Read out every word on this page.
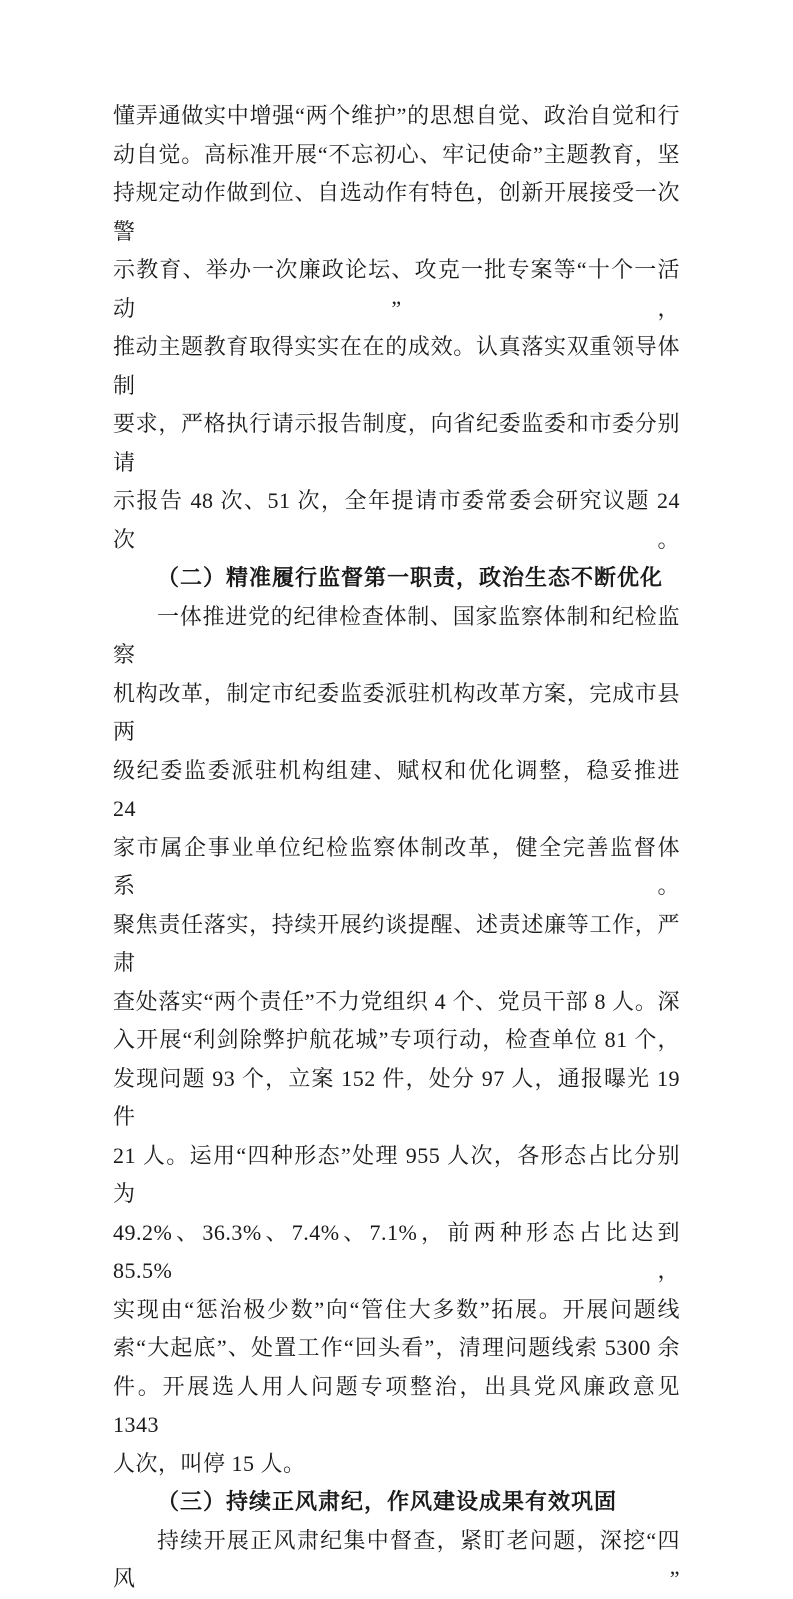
懂弄通做实中增强“两个维护”的思想自觉、政治自觉和行

动自觉。高标准开展“不忘初心、牢记使命”主题教育，坚

持规定动作做到位、自选动作有特色，创新开展接受一次警

示教育、举办一次廉政论坛、攻克一批专案等“十个一活动”，

推动主题教育取得实实在在的成效。认真落实双重领导体制

要求，严格执行请示报告制度，向省纪委监委和市委分别请

示报告 48 次、51 次，全年提请市委常委会研究议题 24 次。

（二）精准履行监督第一职责，政治生态不断优化

一体推进党的纪律检查体制、国家监察体制和纪检监察

机构改革，制定市纪委监委派驻机构改革方案，完成市县两

级纪委监委派驻机构组建、赋权和优化调整，稳妥推进 24

家市属企事业单位纪检监察体制改革，健全完善监督体系。

聚焦责任落实，持续开展约谈提醒、述责述廉等工作，严肃

查处落实“两个责任”不力党组织 4 个、党员干部 8 人。深

入开展“利剑除弊护航花城”专项行动，检查单位 81 个，

发现问题 93 个，立案 152 件，处分 97 人，通报曝光 19 件

21 人。运用“四种形态”处理 955 人次，各形态占比分别为

49.2%、36.3%、7.4%、7.1%，前两种形态占比达到 85.5%，

实现由“惩治极少数”向“管住大多数”拓展。开展问题线

索“大起底”、处置工作“回头看”，清理问题线索 5300 余

件。开展选人用人问题专项整治，出具党风廉政意见 1343

人次，叫停 15 人。

（三）持续正风肃纪，作风建设成果有效巩固

持续开展正风肃纪集中督查，紧盯老问题，深挖“四风”
